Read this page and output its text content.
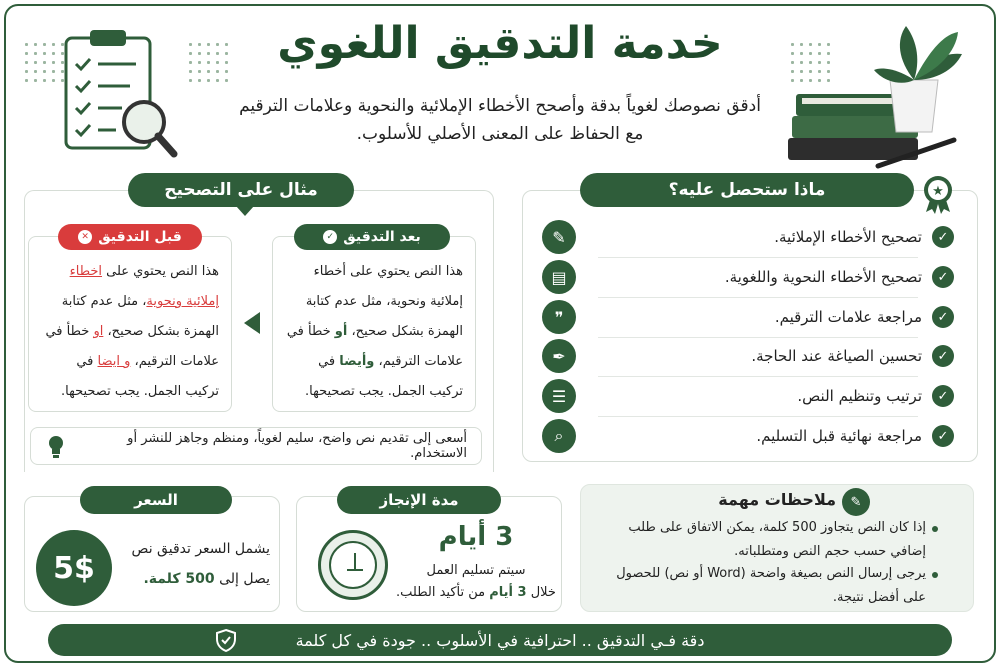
خدمة التدقيق اللغوي
أدقق نصوصك لغوياً بدقة وأصحح الأخطاء الإملائية والنحوية وعلامات الترقيم
مع الحفاظ على المعنى الأصلي للأسلوب.
ماذا ستحصل عليه؟	★
✓
تصحيح الأخطاء الإملائية.
✎
✓
تصحيح الأخطاء النحوية واللغوية.
▤
✓
مراجعة علامات الترقيم.
❞
✓
تحسين الصياغة عند الحاجة.
✒
✓
ترتيب وتنظيم النص.
☰
✓
مراجعة نهائية قبل التسليم.
⌕
مثال على التصحيح
هذا النص يحتوي على أخطاء إملائية ونحوية، مثل عدم كتابة الهمزة بشكل صحيح، أو خطأ في علامات الترقيم، وأيضا في تركيب الجمل. يجب تصحيحها.
بعد التدقيق
✓
هذا النص يحتوي على اخطاء إملائية ونحوية، مثل عدم كتابة الهمزة بشكل صحيح، او خطأ في علامات الترقيم، و ايضا في تركيب الجمل. يجب تصحيحها.
قبل التدقيق
✕
أسعى إلى تقديم نص واضح، سليم لغوياً، ومنظم وجاهز للنشر أو الاستخدام.
✎
ملاحظات مهمة
إذا كان النص يتجاوز 500 كلمة، يمكن الاتفاق على طلب إضافي حسب حجم النص ومتطلباته.
يرجى إرسال النص بصيغة واضحة (Word أو نص) للحصول على أفضل نتيجة.
مدة الإنجاز
3 أيام
سيتم تسليم العمل
خلال 3 أيام من تأكيد الطلب.
السعر
5$
يشمل السعر تدقيق نص
يصل إلى 500 كلمة.
دقة فـي التدقيق .. احترافية في الأسلوب .. جودة في كل كلمة
